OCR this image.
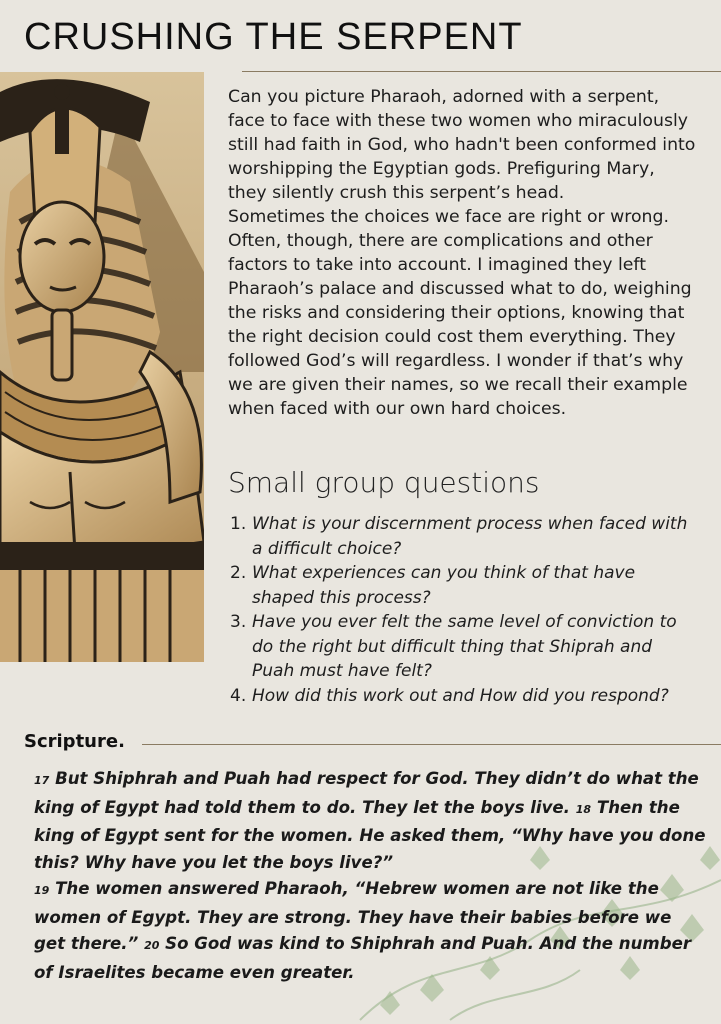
CRUSHING THE SERPENT

Can you picture Pharaoh, adorned with a serpent, face to face with these two women who miraculously still had faith in God, who hadn't been conformed into worshipping the Egyptian gods. Prefiguring Mary, they silently crush this serpent’s head.

Sometimes the choices we face are right or wrong. Often, though, there are complications and other factors to take into account. I imagined they left Pharaoh’s palace and discussed what to do, weighing the risks and considering their options, knowing that the right decision could cost them everything. They followed God’s will regardless. I wonder if that’s why we are given their names, so we recall their example when faced with our own hard choices.

Small group questions
1. What is your discernment process when faced with a difficult choice?
2. What experiences can you think of that have shaped this process?
3. Have you ever felt the same level of conviction to do the right but difficult thing that Shiprah and Puah must have felt?
4. How did this work out and How did you respond?
Scripture.

17 But Shiphrah and Puah had respect for God. They didn’t do what the king of Egypt had told them to do. They let the boys live. 18 Then the king of Egypt sent for the women. He asked them, “Why have you done this? Why have you let the boys live?”

19 The women answered Pharaoh, “Hebrew women are not like the women of Egypt. They are strong. They have their babies before we get there.” 20 So God was kind to Shiphrah and Puah. And the number of Israelites became even greater.
